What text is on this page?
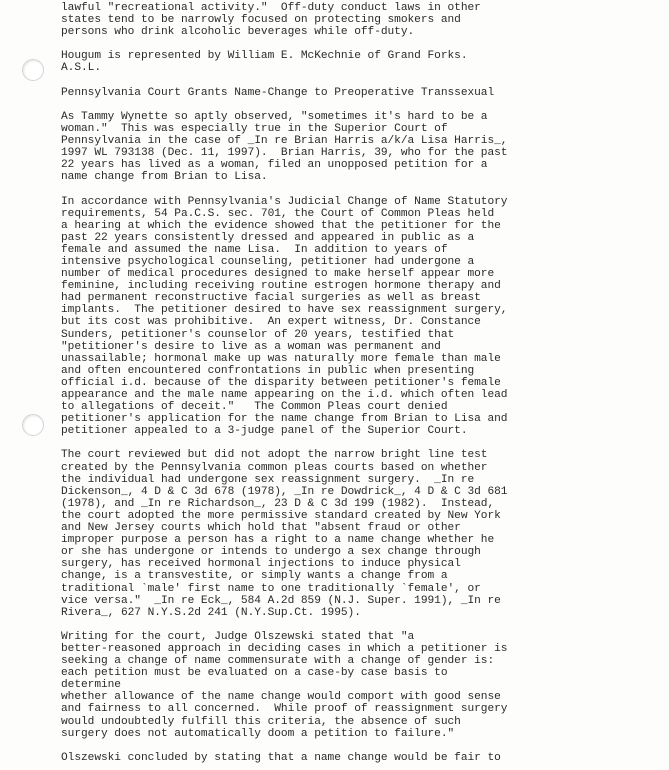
lawful "recreational activity."  Off-duty conduct laws in other
states tend to be narrowly focused on protecting smokers and
persons who drink alcoholic beverages while off-duty.
Hougum is represented by William E. McKechnie of Grand Forks.
A.S.L.
Pennsylvania Court Grants Name-Change to Preoperative Transsexual
As Tammy Wynette so aptly observed, "sometimes it's hard to be a
woman."  This was especially true in the Superior Court of
Pennsylvania in the case of _In re Brian Harris a/k/a Lisa Harris_,
1997 WL 793138 (Dec. 11, 1997).  Brian Harris, 39, who for the past
22 years has lived as a woman, filed an unopposed petition for a
name change from Brian to Lisa.
In accordance with Pennsylvania's Judicial Change of Name Statutory
requirements, 54 Pa.C.S. sec. 701, the Court of Common Pleas held
a hearing at which the evidence showed that the petitioner for the
past 22 years consistently dressed and appeared in public as a
female and assumed the name Lisa.  In addition to years of
intensive psychological counseling, petitioner had undergone a
number of medical procedures designed to make herself appear more
feminine, including receiving routine estrogen hormone therapy and
had permanent reconstructive facial surgeries as well as breast
implants.  The petitioner desired to have sex reassignment surgery,
but its cost was prohibitive.  An expert witness, Dr. Constance
Sunders, petitioner's counselor of 20 years, testified that
"petitioner's desire to live as a woman was permanent and
unassailable; hormonal make up was naturally more female than male
and often encountered confrontations in public when presenting
official i.d. because of the disparity between petitioner's female
appearance and the male name appearing on the i.d. which often lead
to allegations of deceit."   The Common Pleas court denied
petitioner's application for the name change from Brian to Lisa and
petitioner appealed to a 3-judge panel of the Superior Court.
The court reviewed but did not adopt the narrow bright line test
created by the Pennsylvania common pleas courts based on whether
the individual had undergone sex reassignment surgery.  _In re
Dickenson_, 4 D & C 3d 678 (1978), _In re Dowdrick_, 4 D & C 3d 681
(1978), and _In re Richardson_, 23 D & C 3d 199 (1982).  Instead,
the court adopted the more permissive standard created by New York
and New Jersey courts which hold that "absent fraud or other
improper purpose a person has a right to a name change whether he
or she has undergone or intends to undergo a sex change through
surgery, has received hormonal injections to induce physical
change, is a transvestite, or simply wants a change from a
traditional `male' first name to one traditionally `female', or
vice versa."  _In re Eck_, 584 A.2d 859 (N.J. Super. 1991), _In re
Rivera_, 627 N.Y.S.2d 241 (N.Y.Sup.Ct. 1995).
Writing for the court, Judge Olszewski stated that "a
better-reasoned approach in deciding cases in which a petitioner is
seeking a change of name commensurate with a change of gender is:
each petition must be evaluated on a case-by case basis to
determine
whether allowance of the name change would comport with good sense
and fairness to all concerned.  While proof of reassignment surgery
would undoubtedly fulfill this criteria, the absence of such
surgery does not automatically doom a petition to failure."
Olszewski concluded by stating that a name change would be fair to
